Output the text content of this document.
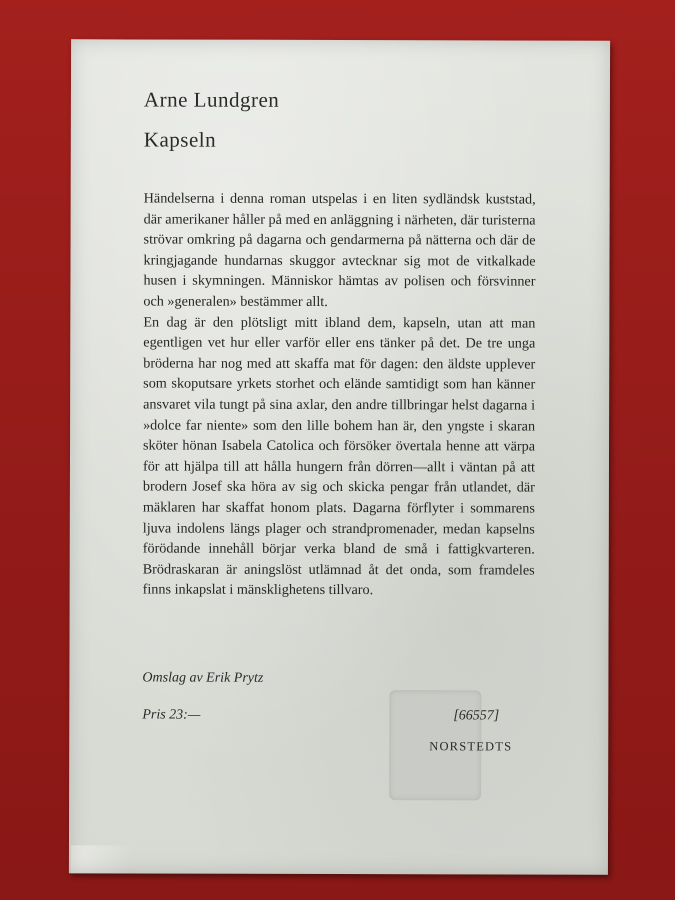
Arne Lundgren
Kapseln

Händelserna i denna roman utspelas i en liten sydländsk kuststad, där amerikaner håller på med en anläggning i närheten, där turisterna strövar omkring på dagarna och gendarmerna på nätterna och där de kringjagande hundarnas skuggor avtecknar sig mot de vitkalkade husen i skymningen. Människor hämtas av polisen och försvinner och »generalen» bestämmer allt.

En dag är den plötsligt mitt ibland dem, kapseln, utan att man egentligen vet hur eller varför eller ens tänker på det. De tre unga bröderna har nog med att skaffa mat för dagen: den äldste upplever som skoputsare yrkets storhet och elände samtidigt som han känner ansvaret vila tungt på sina axlar, den andre tillbringar helst dagarna i »dolce far niente» som den lille bohem han är, den yngste i skaran sköter hönan Isabela Catolica och försöker övertala henne att värpa för att hjälpa till att hålla hungern från dörren—allt i väntan på att brodern Josef ska höra av sig och skicka pengar från utlandet, där mäklaren har skaffat honom plats. Dagarna förflyter i sommarens ljuva indolens längs plager och strandpromenader, medan kapselns förödande innehåll börjar verka bland de små i fattigkvarteren. Brödraskaran är aningslöst utlämnad åt det onda, som framdeles finns inkapslat i mänsklighetens tillvaro.

Omslag av Erik Prytz
Pris 23:—	[66557]
NORSTEDTS
